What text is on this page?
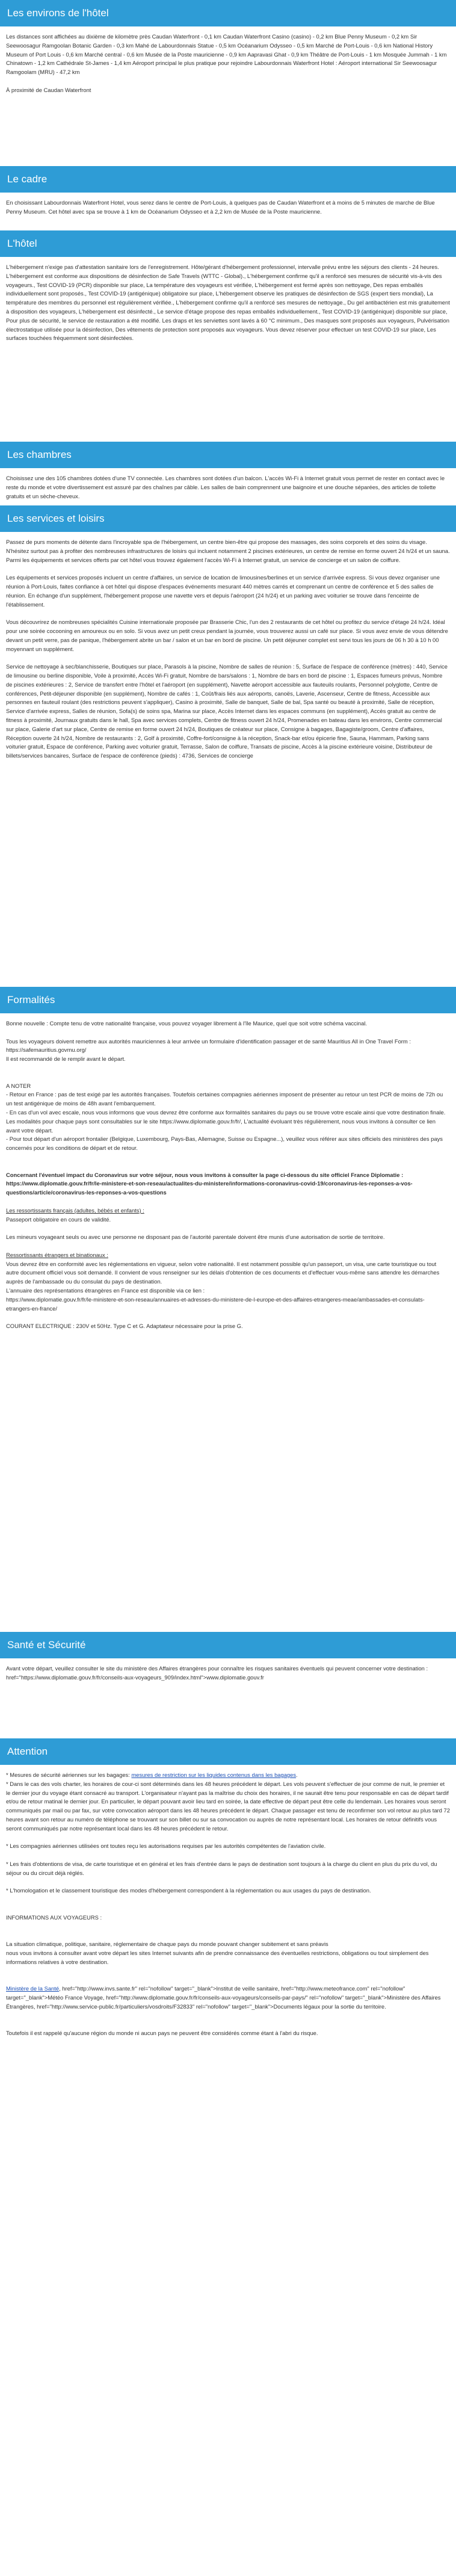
Les environs de l'hôtel

Les distances sont affichées au dixième de kilomètre près Caudan Waterfront - 0,1 km Caudan Waterfront Casino (casino) - 0,2 km Blue Penny Museum - 0,2 km Sir Seewoosagur Ramgoolan Botanic Garden - 0,3 km Mahé de Labourdonnais Statue - 0,5 km Océanarium Odysseo - 0,5 km Marché de Port-Louis - 0,6 km National History Museum of Port Louis - 0,6 km Marché central - 0,6 km Musée de la Poste mauricienne - 0,9 km Aapravasi Ghat - 0,9 km Théâtre de Port-Louis - 1 km Mosquée Jummah - 1 km Chinatown - 1,2 km Cathédrale St-James - 1,4 km Aéroport principal le plus pratique pour rejoindre Labourdonnais Waterfront Hotel : Aéroport international Sir Seewoosagur Ramgoolam (MRU) - 47,2 km

À proximité de Caudan Waterfront

Le cadre

En choisissant Labourdonnais Waterfront Hotel, vous serez dans le centre de Port-Louis, à quelques pas de Caudan Waterfront et à moins de 5 minutes de marche de Blue Penny Museum. Cet hôtel avec spa se trouve à 1 km de Océanarium Odysseo et à 2,2 km de Musée de la Poste mauricienne.

L'hôtel

L'hébergement n'exige pas d'attestation sanitaire lors de l'enregistrement. Hôte/gérant d'hébergement professionnel, intervalle prévu entre les séjours des clients - 24 heures. L'hébergement est conforme aux dispositions de désinfection de Safe Travels (WTTC - Global)., L'hébergement confirme qu'il a renforcé ses mesures de sécurité vis-à-vis des voyageurs., Test COVID-19 (PCR) disponible sur place, La température des voyageurs est vérifiée, L'hébergement est fermé après son nettoyage, Des repas emballés individuellement sont proposés., Test COVID-19 (antigénique) obligatoire sur place, L'hébergement observe les pratiques de désinfection de SGS (expert tiers mondial), La température des membres du personnel est régulièrement vérifiée., L'hébergement confirme qu'il a renforcé ses mesures de nettoyage., Du gel antibactérien est mis gratuitement à disposition des voyageurs, L'hébergement est désinfecté., Le service d'étage propose des repas emballés individuellement., Test COVID-19 (antigénique) disponible sur place, Pour plus de sécurité, le service de restauration a été modifié. Les draps et les serviettes sont lavés à 60 °C minimum., Des masques sont proposés aux voyageurs, Pulvérisation électrostatique utilisée pour la désinfection, Des vêtements de protection sont proposés aux voyageurs. Vous devez réserver pour effectuer un test COVID-19 sur place, Les surfaces touchées fréquemment sont désinfectées.

Les chambres

Choisissez une des 105 chambres dotées d'une TV connectée. Les chambres sont dotées d'un balcon. L'accès Wi-Fi à Internet gratuit vous permet de rester en contact avec le reste du monde et votre divertissement est assuré par des chaînes par câble. Les salles de bain comprennent une baignoire et une douche séparées, des articles de toilette gratuits et un sèche-cheveux.

Les services et loisirs

Passez de purs moments de détente dans l'incroyable spa de l'hébergement, un centre bien-être qui propose des massages, des soins corporels et des soins du visage. N'hésitez surtout pas à profiter des nombreuses infrastructures de loisirs qui incluent notamment 2 piscines extérieures, un centre de remise en forme ouvert 24 h/24 et un sauna. Parmi les équipements et services offerts par cet hôtel vous trouvez également l'accès Wi-Fi à Internet gratuit, un service de concierge et un salon de coiffure.

Les équipements et services proposés incluent un centre d'affaires, un service de location de limousines/berlines et un service d'arrivée express. Si vous devez organiser une réunion à Port-Louis, faites confiance à cet hôtel qui dispose d'espaces événements mesurant 440 mètres carrés et comprenant un centre de conférence et 5 des salles de réunion. En échange d'un supplément, l'hébergement propose une navette vers et depuis l'aéroport (24 h/24) et un parking avec voiturier se trouve dans l'enceinte de l'établissement.

Vous découvrirez de nombreuses spécialités Cuisine internationale proposée par Brasserie Chic, l'un des 2 restaurants de cet hôtel ou profitez du service d'étage 24 h/24. Idéal pour une soirée cocooning en amoureux ou en solo. Si vous avez un petit creux pendant la journée, vous trouverez aussi un café sur place. Si vous avez envie de vous détendre devant un petit verre, pas de panique, l'hébergement abrite un bar / salon et un bar en bord de piscine. Un petit déjeuner complet est servi tous les jours de 06 h 30 à 10 h 00 moyennant un supplément.

Service de nettoyage à sec/blanchisserie, Boutiques sur place, Parasols à la piscine, Nombre de salles de réunion : 5, Surface de l'espace de conférence (mètres) : 440, Service de limousine ou berline disponible, Voile à proximité, Accès Wi-Fi gratuit, Nombre de bars/salons : 1, Nombre de bars en bord de piscine : 1, Espaces fumeurs prévus, Nombre de piscines extérieures : 2, Service de transfert entre l'hôtel et l'aéroport (en supplément), Navette aéroport accessible aux fauteuils roulants, Personnel polyglotte, Centre de conférences, Petit-déjeuner disponible (en supplément), Nombre de cafés : 1, Coût/frais liés aux aéroports, canoës, Laverie, Ascenseur, Centre de fitness, Accessible aux personnes en fauteuil roulant (des restrictions peuvent s'appliquer), Casino à proximité, Salle de banquet, Salle de bal, Spa santé ou beauté à proximité, Salle de réception, Service d'arrivée express, Salles de réunion, Sofa(s) de soins spa, Marina sur place, Accès Internet dans les espaces communs (en supplément), Accès gratuit au centre de fitness à proximité, Journaux gratuits dans le hall, Spa avec services complets, Centre de fitness ouvert 24 h/24, Promenades en bateau dans les environs, Centre commercial sur place, Galerie d'art sur place, Centre de remise en forme ouvert 24 h/24, Boutiques de créateur sur place, Consigne à bagages, Bagagiste/groom, Centre d'affaires, Réception ouverte 24 h/24, Nombre de restaurants : 2, Golf à proximité, Coffre-fort/consigne à la réception, Snack-bar et/ou épicerie fine, Sauna, Hammam, Parking sans voiturier gratuit, Espace de conférence, Parking avec voiturier gratuit, Terrasse, Salon de coiffure, Transats de piscine, Accès à la piscine extérieure voisine, Distributeur de billets/services bancaires, Surface de l'espace de conférence (pieds) : 4736, Services de concierge

Formalités

Bonne nouvelle : Compte tenu de votre nationalité française, vous pouvez voyager librement à l'île Maurice, quel que soit votre schéma vaccinal.

Tous les voyageurs doivent remettre aux autorités mauriciennes à leur arrivée un formulaire d'identification passager et de santé Mauritius All in One Travel Form : https://safemauritius.govmu.org/

Il est recommandé de le remplir avant le départ.

A NOTER

- Retour en France : pas de test exigé par les autorités françaises. Toutefois certaines compagnies aériennes imposent de présenter au retour un test PCR de moins de 72h ou un test antigénique de moins de 48h avant l'embarquement.

- En cas d'un vol avec escale, nous vous informons que vous devrez être conforme aux formalités sanitaires du pays ou se trouve votre escale ainsi que votre destination finale.

Les modalités pour chaque pays sont consultables sur le site https://www.diplomatie.gouv.fr/fr/, L'actualité évoluant très régulièrement, nous vous invitons à consulter ce lien avant votre départ.

- Pour tout départ d'un aéroport frontalier (Belgique, Luxembourg, Pays-Bas, Allemagne, Suisse ou Espagne...), veuillez vous référer aux sites officiels des ministères des pays concernés pour les conditions de départ et de retour.

Concernant l'éventuel impact du Coronavirus sur votre séjour, nous vous invitons à consulter la page ci-dessous du site officiel France Diplomatie : https://www.diplomatie.gouv.fr/fr/le-ministere-et-son-reseau/actualites-du-ministere/informations-coronavirus-covid-19/coronavirus-les-reponses-a-vos-questions/article/coronavirus-les-reponses-a-vos-questions

Les ressortissants français (adultes, bébés et enfants) :

Passeport obligatoire en cours de validité.

Les mineurs voyageant seuls ou avec une personne ne disposant pas de l'autorité parentale doivent être munis d'une autorisation de sortie de territoire.

Ressortissants étrangers et binationaux :

Vous devrez être en conformité avec les réglementations en vigueur, selon votre nationalité. Il est notamment possible qu'un passeport, un visa, une carte touristique ou tout autre document officiel vous soit demandé. Il convient de vous renseigner sur les délais d'obtention de ces documents et d'effectuer vous-même sans attendre les démarches auprès de l'ambassade ou du consulat du pays de destination.

L'annuaire des représentations étrangères en France est disponible via ce lien :

https://www.diplomatie.gouv.fr/fr/le-ministere-et-son-reseau/annuaires-et-adresses-du-ministere-de-l-europe-et-des-affaires-etrangeres-meae/ambassades-et-consulats-etrangers-en-france/

COURANT ELECTRIQUE : 230V et 50Hz. Type C et G. Adaptateur nécessaire pour la prise G.

Santé et Sécurité

Avant votre départ, veuillez consulter le site du ministère des Affaires étrangères pour connaître les risques sanitaires éventuels qui peuvent concerner votre destination : href="https://www.diplomatie.gouv.fr/fr/conseils-aux-voyageurs_909/index.html">www.diplomatie.gouv.fr

Attention

* Mesures de sécurité aériennes sur les bagages: mesures de restriction sur les liquides contenus dans les bagages.

* Dans le cas des vols charter, les horaires de cour-ci sont déterminés dans les 48 heures précédent le départ. Les vols peuvent s'effectuer de jour comme de nuit, le premier et le dernier jour du voyage étant consacré au transport. L'organisateur n'ayant pas la maîtrise du choix des horaires, il ne saurait être tenu pour responsable en cas de départ tardif et/ou de retour matinal le dernier jour. En particulier, le départ pouvant avoir lieu tard en soirée, la date effective de départ peut être celle du lendemain. Les horaires vous seront communiqués par mail ou par fax, sur votre convocation aéroport dans les 48 heures précédent le départ. Chaque passager est tenu de reconfirmer son vol retour au plus tard 72 heures avant son retour au numéro de téléphone se trouvant sur son billet ou sur sa convocation ou auprès de notre représentant local. Les horaires de retour définitifs vous seront communiqués par notre représentant local dans les 48 heures précédent le retour.

* Les compagnies aériennes utilisées ont toutes reçu les autorisations requises par les autorités compétentes de l'aviation civile.

* Les frais d'obtentions de visa, de carte touristique et en général et les frais d'entrée dans le pays de destination sont toujours à la charge du client en plus du prix du vol, du séjour ou du circuit déjà réglés.

* L'homologation et le classement touristique des modes d'hébergement correspondent à la réglementation ou aux usages du pays de destination.

INFORMATIONS AUX VOYAGEURS :

La situation climatique, politique, sanitaire, réglementaire de chaque pays du monde pouvant changer subitement et sans préavis

nous vous invitons à consulter avant votre départ les sites Internet suivants afin de prendre connaissance des éventuelles restrictions, obligations ou tout simplement des informations relatives à votre destination.

Ministère de la Santé, href="http://www.invs.sante.fr" rel="nofollow" target="_blank">Institut de veille sanitaire, href="http://www.meteofrance.com" rel="nofollow" target="_blank">Météo France Voyage, href="http://www.diplomatie.gouv.fr/fr/conseils-aux-voyageurs/conseils-par-pays/" rel="nofollow" target="_blank">Ministère des Affaires Étrangères, href="http://www.service-public.fr/particuliers/vosdroits/F32833" rel="nofollow" target="_blank">Documents légaux pour la sortie du territoire.

Toutefois il est rappelé qu'aucune région du monde ni aucun pays ne peuvent être considérés comme étant à l'abri du risque.
